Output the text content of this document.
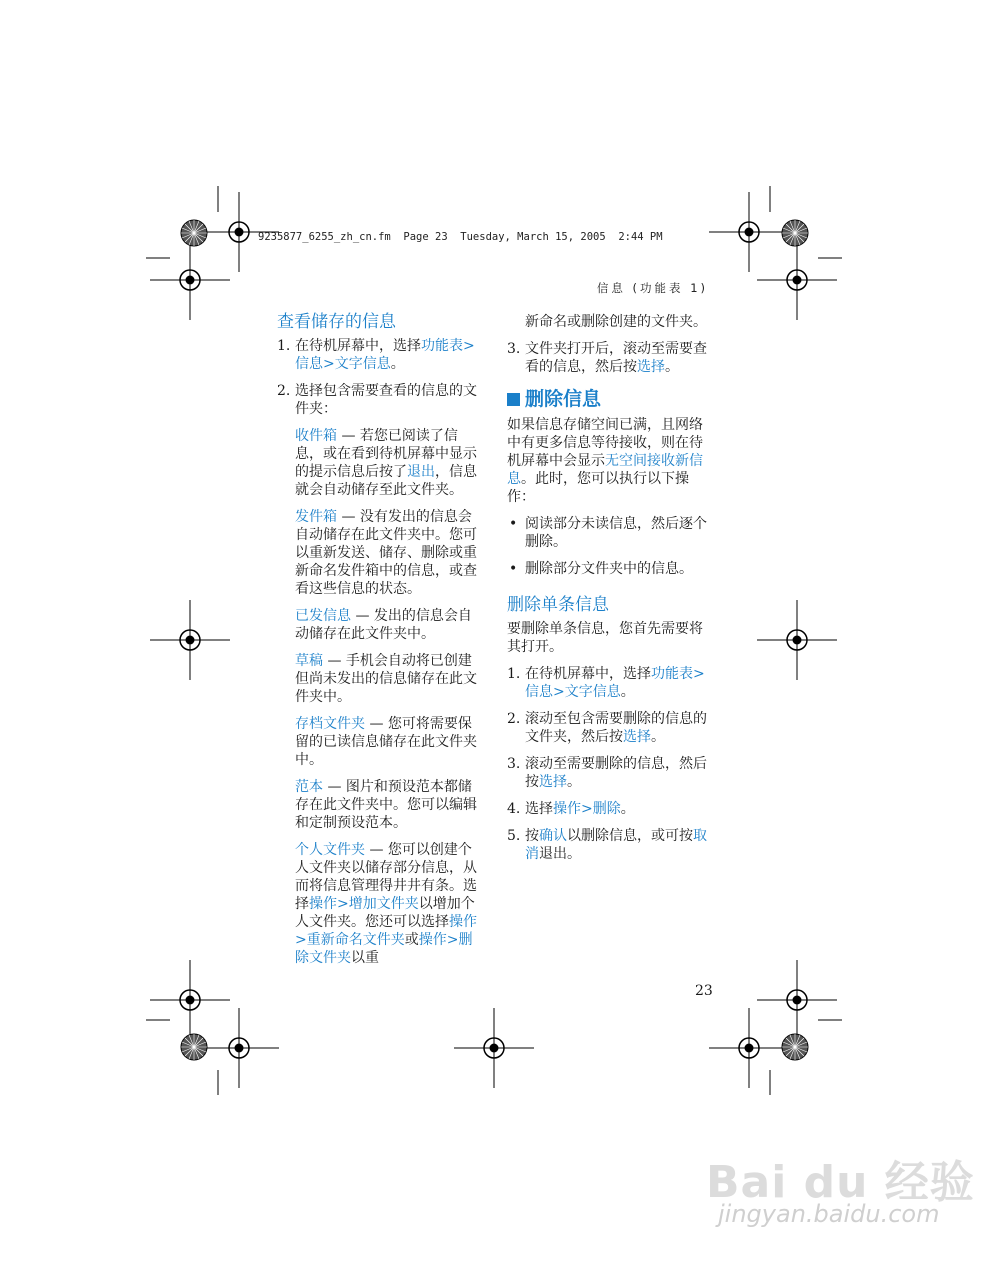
9235877_6255_zh_cn.fm  Page 23  Tuesday, March 15, 2005  2:44 PM
信息 (功能表 1)
查看储存的信息
1. 在待机屏幕中，选择功能表>信息>文字信息。
2. 选择包含需要查看的信息的文件夹：
收件箱 — 若您已阅读了信息，或在看到待机屏幕中显示的提示信息后按了退出，信息就会自动储存至此文件夹。
发件箱 — 没有发出的信息会自动储存在此文件夹中。您可以重新发送、储存、删除或重新命名发件箱中的信息，或查看这些信息的状态。
已发信息 — 发出的信息会自动储存在此文件夹中。
草稿 — 手机会自动将已创建但尚未发出的信息储存在此文件夹中。
存档文件夹 — 您可将需要保留的已读信息储存在此文件夹中。
范本 — 图片和预设范本都储存在此文件夹中。您可以编辑和定制预设范本。
个人文件夹 — 您可以创建个人文件夹以储存部分信息，从而将信息管理得井井有条。选择操作>增加文件夹以增加个人文件夹。您还可以选择操作>重新命名文件夹或操作>删除文件夹以重
新命名或删除创建的文件夹。
3. 文件夹打开后，滚动至需要查看的信息，然后按选择。
删除信息

如果信息存储空间已满，且网络中有更多信息等待接收，则在待机屏幕中会显示无空间接收新信息。此时，您可以执行以下操作：

• 阅读部分未读信息，然后逐个删除。
• 删除部分文件夹中的信息。
删除单条信息

要删除单条信息，您首先需要将其打开。

1. 在待机屏幕中，选择功能表>信息>文字信息。
2. 滚动至包含需要删除的信息的文件夹，然后按选择。
3. 滚动至需要删除的信息，然后按选择。
4. 选择操作>删除。
5. 按确认以删除信息，或可按取消退出。
23
Bai du 经验
jingyan.baidu.com
